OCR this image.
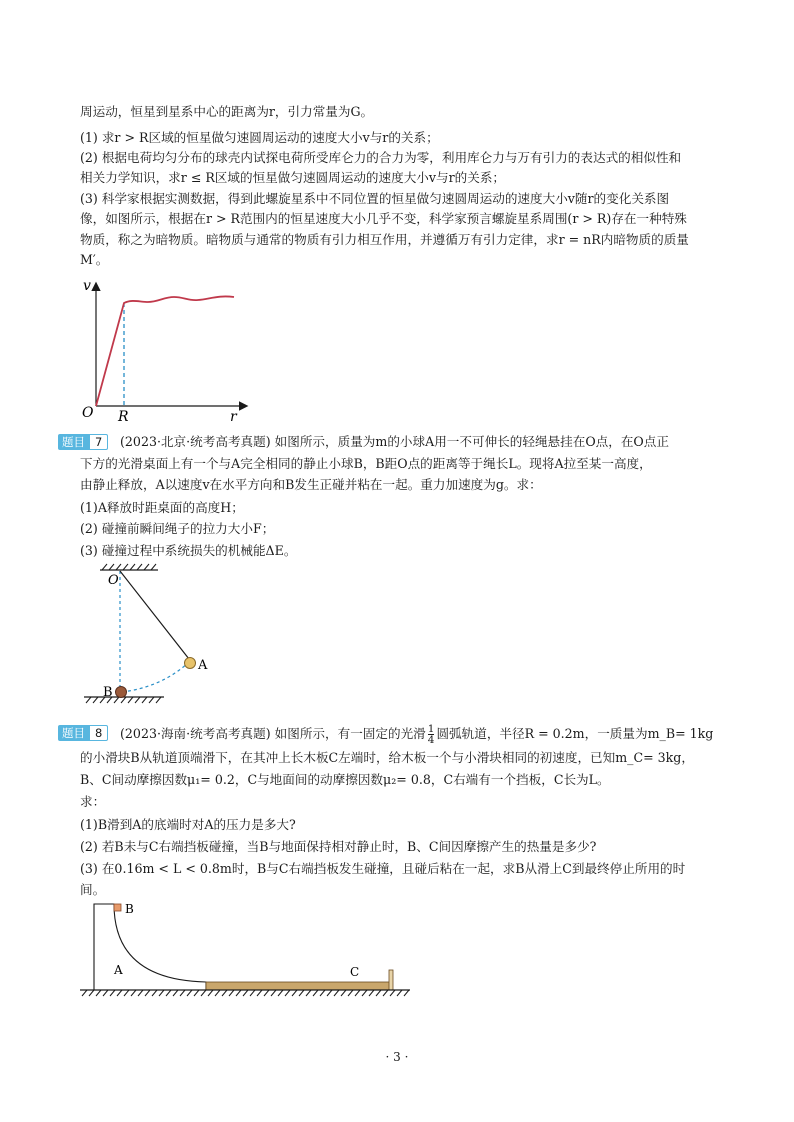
周运动，恒星到星系中心的距离为r，引力常量为G。
(1) 求r > R区域的恒星做匀速圆周运动的速度大小v与r的关系；
(2) 根据电荷均匀分布的球壳内试探电荷所受库仑力的合力为零，利用库仑力与万有引力的表达式的相似性和
相关力学知识，求r ≤ R区域的恒星做匀速圆周运动的速度大小v与r的关系；
(3) 科学家根据实测数据，得到此螺旋星系中不同位置的恒星做匀速圆周运动的速度大小v随r的变化关系图
像，如图所示，根据在r > R范围内的恒星速度大小几乎不变，科学家预言螺旋星系周围(r > R)存在一种特殊
物质，称之为暗物质。暗物质与通常的物质有引力相互作用，并遵循万有引力定律，求r = nR内暗物质的质量
M′。
v
r
O R
题目 7	(2023·北京·统考高考真题) 如图所示，质量为m的小球A用一不可伸长的轻绳悬挂在O点，在O点正
下方的光滑桌面上有一个与A完全相同的静止小球B，B距O点的距离等于绳长L。现将A拉至某一高度，
由静止释放，A以速度v在水平方向和B发生正碰并粘在一起。重力加速度为g。求：
(1)A释放时距桌面的高度H；
(2) 碰撞前瞬间绳子的拉力大小F；
(3) 碰撞过程中系统损失的机械能ΔE。
O
A
B
题目 8	(2023·海南·统考高考真题) 如图所示，有一固定的光滑 $\frac{1}{4}$ 圆弧轨道，半径R = 0.2m，一质量为m_B= 1kg
的小滑块B从轨道顶端滑下，在其冲上长木板C左端时，给木板一个与小滑块相同的初速度，已知m_C= 3kg，
B、C间动摩擦因数μ₁= 0.2，C与地面间的动摩擦因数μ₂= 0.8，C右端有一个挡板，C长为L。
求：
(1)B滑到A的底端时对A的压力是多大?
(2) 若B未与C右端挡板碰撞，当B与地面保持相对静止时，B、C间因摩擦产生的热量是多少?
(3) 在0.16m < L < 0.8m时，B与C右端挡板发生碰撞，且碰后粘在一起，求B从滑上C到最终停止所用的时
间。
B
A	C
· 3 ·
